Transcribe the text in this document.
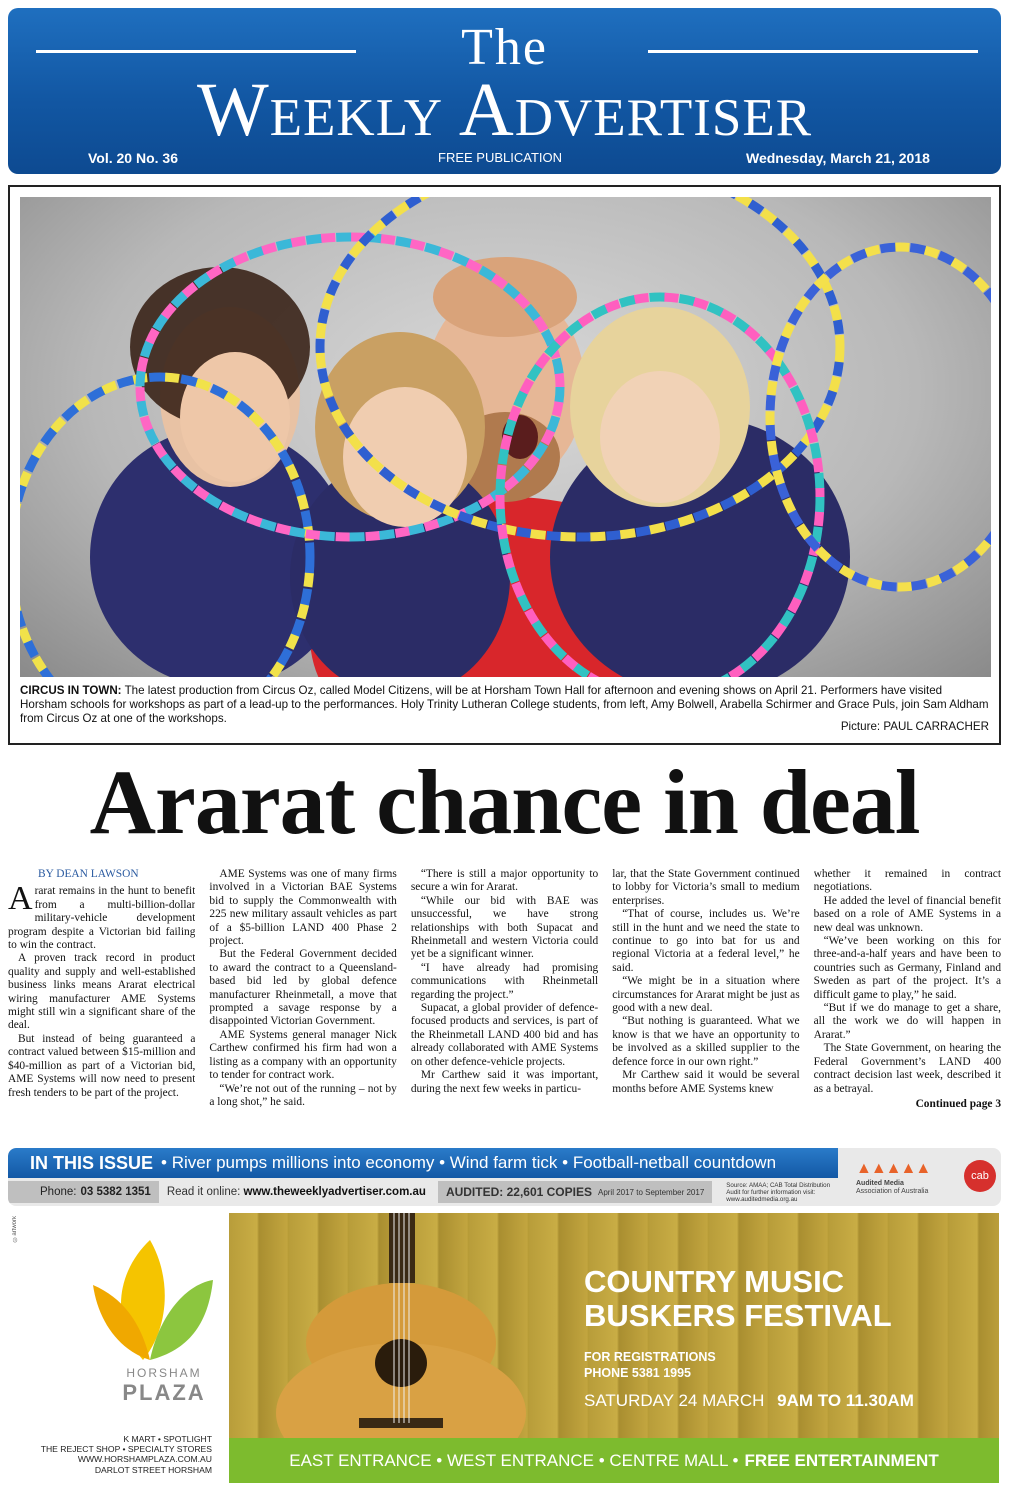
The
Weekly Advertiser
Vol. 20 No. 36	FREE PUBLICATION	Wednesday, March 21, 2018
CIRCUS IN TOWN: The latest production from Circus Oz, called Model Citizens, will be at Horsham Town Hall for afternoon and evening shows on April 21. Performers have visited Horsham schools for workshops as part of a lead-up to the performances. Holy Trinity Lutheran College students, from left, Amy Bolwell, Arabella Schirmer and Grace Puls, join Sam Aldham from Circus Oz at one of the workshops.
Picture: PAUL CARRACHER
Ararat chance in deal
BY DEAN LAWSON

Ararat remains in the hunt to benefit from a multi-billion-dollar military-vehicle development program despite a Victorian bid failing to win the contract.

A proven track record in product quality and supply and well-established business links means Ararat electrical wiring manufacturer AME Systems might still win a significant share of the deal.

But instead of being guaranteed a contract valued between $15-million and $40-million as part of a Victorian bid, AME Systems will now need to present fresh tenders to be part of the project.

AME Systems was one of many firms involved in a Victorian BAE Systems bid to supply the Commonwealth with 225 new military assault vehicles as part of a $5-billion LAND 400 Phase 2 project.

But the Federal Government decided to award the contract to a Queensland-based bid led by global defence manufacturer Rheinmetall, a move that prompted a savage response by a disappointed Victorian Government.

AME Systems general manager Nick Carthew confirmed his firm had won a listing as a company with an opportunity to tender for contract work.

“We’re not out of the running – not by a long shot,” he said.

“There is still a major opportunity to secure a win for Ararat.

“While our bid with BAE was unsuccessful, we have strong relationships with both Supacat and Rheinmetall and western Victoria could yet be a significant winner.

“I have already had promising communications with Rheinmetall regarding the project.”

Supacat, a global provider of defence-focused products and services, is part of the Rheinmetall LAND 400 bid and has already collaborated with AME Systems on other defence-vehicle projects.

Mr Carthew said it was important, during the next few weeks in particu-

lar, that the State Government continued to lobby for Victoria’s small to medium enterprises.

“That of course, includes us. We’re still in the hunt and we need the state to continue to go into bat for us and regional Victoria at a federal level,” he said.

“We might be in a situation where circumstances for Ararat might be just as good with a new deal.

“But nothing is guaranteed. What we know is that we have an opportunity to be involved as a skilled supplier to the defence force in our own right.”

Mr Carthew said it would be several months before AME Systems knew

whether it remained in contract negotiations.

He added the level of financial benefit based on a role of AME Systems in a new deal was unknown.

“We’ve been working on this for three-and-a-half years and have been to countries such as Germany, Finland and Sweden as part of the project. It’s a difficult game to play,” he said.

“But if we do manage to get a share, all the work we do will happen in Ararat.”

The State Government, on hearing the Federal Government’s LAND 400 contract decision last week, described it as a betrayal.

Continued page 3
IN THIS ISSUE • River pumps millions into economy • Wind farm tick • Football-netball countdown
Phone: 03 5382 1351 Read it online: www.theweeklyadvertiser.com.au AUDITED: 22,601 COPIES April 2017 to September 2017
Source: AMAA; CAB Total Distribution Audit for further information visit: www.auditedmedia.org.au
▲▲▲▲▲
Audited Media
Association of Australia
cab
©artwork
HORSHAM
PLAZA
K MART • SPOTLIGHT
THE REJECT SHOP • SPECIALTY STORES
WWW.HORSHAMPLAZA.COM.AU
DARLOT STREET HORSHAM
COUNTRY MUSIC
BUSKERS FESTIVAL
FOR REGISTRATIONS
PHONE 5381 1995
SATURDAY 24 MARCH 9AM TO 11.30AM
EAST ENTRANCE • WEST ENTRANCE • CENTRE MALL • FREE ENTERTAINMENT
